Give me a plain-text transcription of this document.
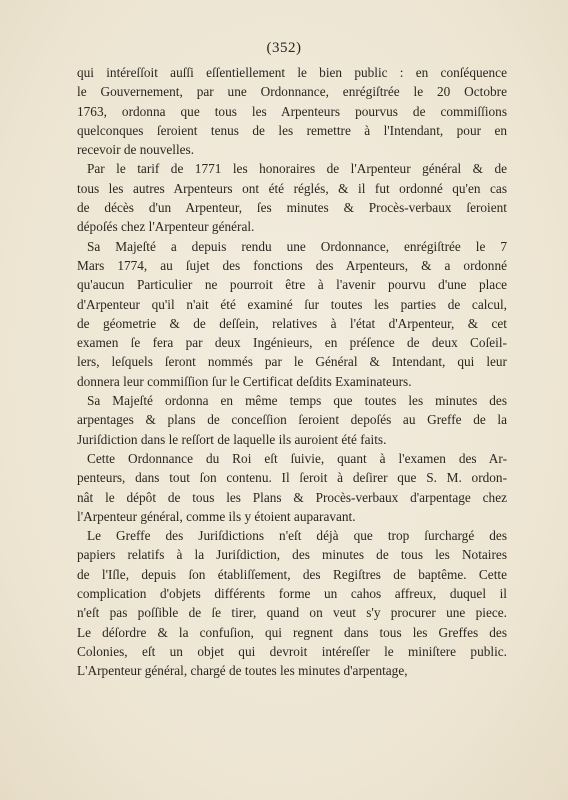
(352)
qui intéreſſoit auſſi eſſentiellement le bien public : en conſéquence
le Gouvernement, par une Ordonnance, enrégiſtrée le 20 Octobre
1763, ordonna que tous les Arpenteurs pourvus de commiſſions
quelconques ſeroient tenus de les remettre à l'Intendant, pour en
recevoir de nouvelles.
Par le tarif de 1771 les honoraires de l'Arpenteur général & de
tous les autres Arpenteurs ont été réglés, & il fut ordonné qu'en cas
de décès d'un Arpenteur, ſes minutes & Procès-verbaux ſeroient
dépoſés chez l'Arpenteur général.
Sa Majeſté a depuis rendu une Ordonnance, enrégiſtrée le 7
Mars 1774, au ſujet des fonctions des Arpenteurs, & a ordonné
qu'aucun Particulier ne pourroit être à l'avenir pourvu d'une place
d'Arpenteur qu'il n'ait été examiné ſur toutes les parties de calcul,
de géometrie & de deſſein, relatives à l'état d'Arpenteur, & cet
examen ſe fera par deux Ingénieurs, en préſence de deux Coſeil-
lers, leſquels ſeront nommés par le Général & Intendant, qui leur
donnera leur commiſſion ſur le Certificat deſdits Examinateurs.
Sa Majeſté ordonna en même temps que toutes les minutes des
arpentages & plans de conceſſion ſeroient depoſés au Greffe de la
Juriſdiction dans le reſſort de laquelle ils auroient été faits.
Cette Ordonnance du Roi eſt ſuivie, quant à l'examen des Ar-
penteurs, dans tout ſon contenu. Il ſeroit à deſirer que S. M. ordon-
nât le dépôt de tous les Plans & Procès-verbaux d'arpentage chez
l'Arpenteur général, comme ils y étoient auparavant.
Le Greffe des Juriſdictions n'eſt déjà que trop ſurchargé des
papiers relatifs à la Juriſdiction, des minutes de tous les Notaires
de l'Iſle, depuis ſon établiſſement, des Regiſtres de baptême. Cette
complication d'objets différents forme un cahos affreux, duquel il
n'eſt pas poſſible de ſe tirer, quand on veut s'y procurer une piece.
Le déſordre & la confuſion, qui regnent dans tous les Greffes des
Colonies, eſt un objet qui devroit intéreſſer le miniſtere public.
L'Arpenteur général, chargé de toutes les minutes d'arpentage,
